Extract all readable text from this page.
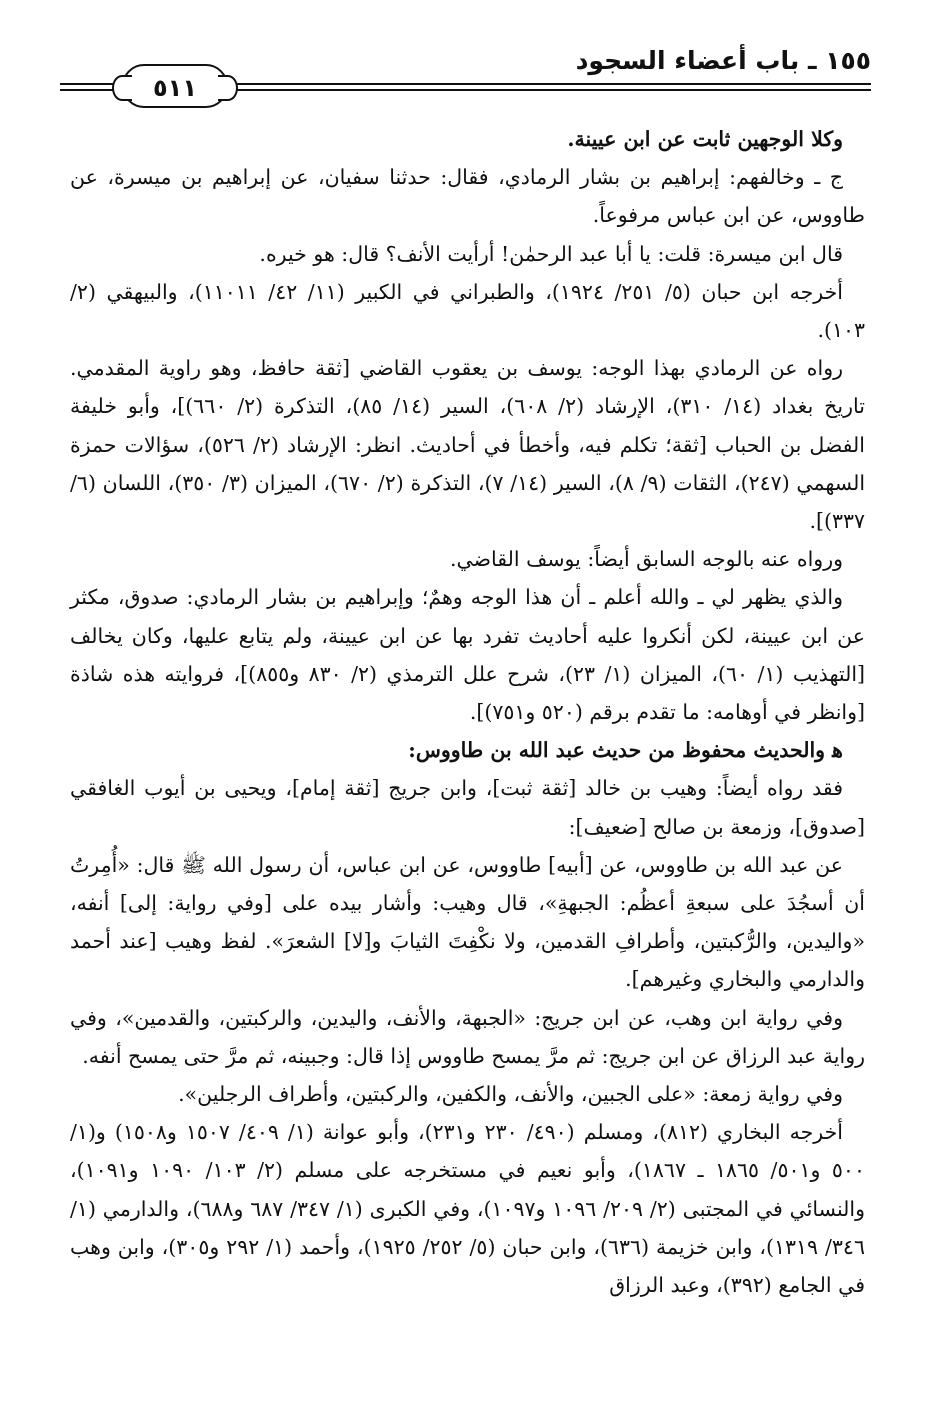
١٥٥ ـ باب أعضاء السجود
٥١١

وكلا الوجهين ثابت عن ابن عيينة.

ج ـ وخالفهم: إبراهيم بن بشار الرمادي، فقال: حدثنا سفيان، عن إبراهيم بن ميسرة، عن طاووس، عن ابن عباس مرفوعاً.

قال ابن ميسرة: قلت: يا أبا عبد الرحمٰن! أرأيت الأنف؟ قال: هو خيره.

أخرجه ابن حبان (٥/ ٢٥١/ ١٩٢٤)، والطبراني في الكبير (١١/ ٤٢/ ١١٠١١)، والبيهقي (٢/ ١٠٣).

رواه عن الرمادي بهذا الوجه: يوسف بن يعقوب القاضي [ثقة حافظ، وهو راوية المقدمي. تاريخ بغداد (١٤/ ٣١٠)، الإرشاد (٢/ ٦٠٨)، السير (١٤/ ٨٥)، التذكرة (٢/ ٦٦٠)]، وأبو خليفة الفضل بن الحباب [ثقة؛ تكلم فيه، وأخطأ في أحاديث. انظر: الإرشاد (٢/ ٥٢٦)، سؤالات حمزة السهمي (٢٤٧)، الثقات (٩/ ٨)، السير (١٤/ ٧)، التذكرة (٢/ ٦٧٠)، الميزان (٣/ ٣٥٠)، اللسان (٦/ ٣٣٧)].

ورواه عنه بالوجه السابق أيضاً: يوسف القاضي.

والذي يظهر لي ـ والله أعلم ـ أن هذا الوجه وهمٌ؛ وإبراهيم بن بشار الرمادي: صدوق، مكثر عن ابن عيينة، لكن أنكروا عليه أحاديث تفرد بها عن ابن عيينة، ولم يتابع عليها، وكان يخالف [التهذيب (١/ ٦٠)، الميزان (١/ ٢٣)، شرح علل الترمذي (٢/ ٨٣٠ و٨٥٥)]، فروايته هذه شاذة [وانظر في أوهامه: ما تقدم برقم (٥٢٠ و٧٥١)].

ﻫ والحديث محفوظ من حديث عبد الله بن طاووس:

فقد رواه أيضاً: وهيب بن خالد [ثقة ثبت]، وابن جريج [ثقة إمام]، ويحيى بن أيوب الغافقي [صدوق]، وزمعة بن صالح [ضعيف]:

عن عبد الله بن طاووس، عن [أبيه] طاووس، عن ابن عباس، أن رسول الله ﷺ قال: «أُمِرتُ أن أسجُدَ على سبعةِ أعظُم: الجبهةِ»، قال وهيب: وأشار بيده على [وفي رواية: إلى] أنفه، «واليدين، والرُّكبتين، وأطرافِ القدمين، ولا نكْفِتَ الثيابَ و[لا] الشعرَ». لفظ وهيب [عند أحمد والدارمي والبخاري وغيرهم].

وفي رواية ابن وهب، عن ابن جريج: «الجبهة، والأنف، واليدين، والركبتين، والقدمين»، وفي رواية عبد الرزاق عن ابن جريج: ثم مرَّ يمسح طاووس إذا قال: وجبينه، ثم مرَّ حتى يمسح أنفه.

وفي رواية زمعة: «على الجبين، والأنف، والكفين، والركبتين، وأطراف الرجلين».

أخرجه البخاري (٨١٢)، ومسلم (٤٩٠/ ٢٣٠ و٢٣١)، وأبو عوانة (١/ ٤٠٩/ ١٥٠٧ و١٥٠٨) و(١/ ٥٠٠ و٥٠١/ ١٨٦٥ ـ ١٨٦٧)، وأبو نعيم في مستخرجه على مسلم (٢/ ١٠٣/ ١٠٩٠ و١٠٩١)، والنسائي في المجتبى (٢/ ٢٠٩/ ١٠٩٦ و١٠٩٧)، وفي الكبرى (١/ ٣٤٧/ ٦٨٧ و٦٨٨)، والدارمي (١/ ٣٤٦/ ١٣١٩)، وابن خزيمة (٦٣٦)، وابن حبان (٥/ ٢٥٢/ ١٩٢٥)، وأحمد (١/ ٢٩٢ و٣٠٥)، وابن وهب في الجامع (٣٩٢)، وعبد الرزاق
